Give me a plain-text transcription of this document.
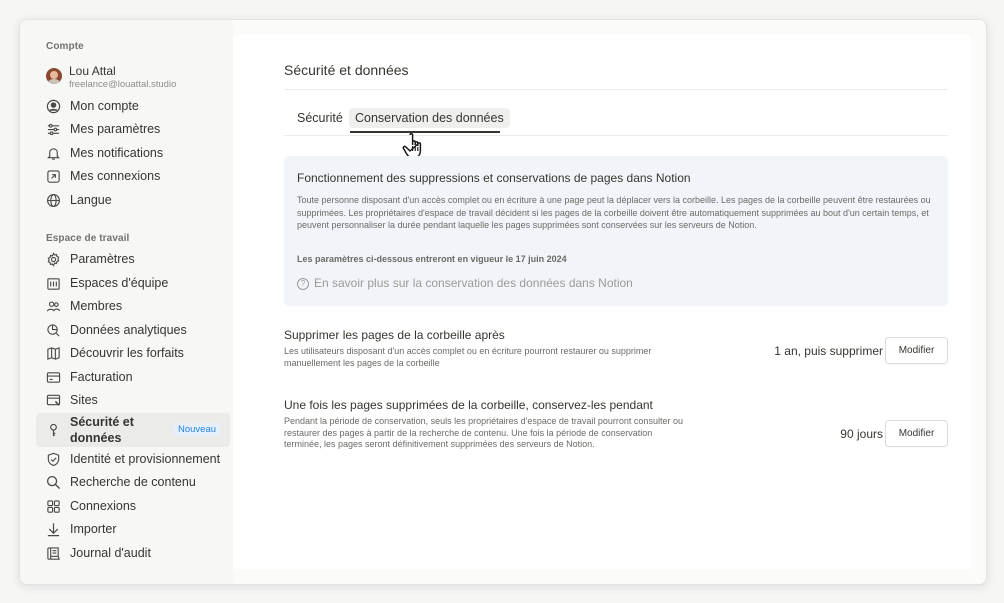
Compte
Lou Attal
freelance@louattal.studio
Mon compte
Mes paramètres
Mes notifications
Mes connexions
Langue
Espace de travail
Paramètres
Espaces d'équipe
Membres
Données analytiques
Découvrir les forfaits
Facturation
Sites
Sécurité et données
Nouveau
Identité et provisionnement
Recherche de contenu
Connexions
Importer
Journal d'audit
Sécurité et données
Sécurité Conservation des données
Fonctionnement des suppressions et conservations de pages dans Notion
Toute personne disposant d'un accès complet ou en écriture à une page peut la déplacer vers la corbeille. Les pages de la corbeille peuvent être restaurées ou supprimées. Les propriétaires d'espace de travail décident si les pages de la corbeille doivent être automatiquement supprimées au bout d'un certain temps, et peuvent personnaliser la durée pendant laquelle les pages supprimées sont conservées sur les serveurs de Notion.
Les paramètres ci-dessous entreront en vigueur le 17 juin 2024
? En savoir plus sur la conservation des données dans Notion
Supprimer les pages de la corbeille après
Les utilisateurs disposant d'un accès complet ou en écriture pourront restaurer ou supprimer manuellement les pages de la corbeille
1 an, puis supprimer	Modifier
Une fois les pages supprimées de la corbeille, conservez-les pendant
Pendant la période de conservation, seuls les propriétaires d'espace de travail pourront consulter ou restaurer des pages à partir de la recherche de contenu. Une fois la période de conservation terminée, les pages seront définitivement supprimées des serveurs de Notion.
90 jours	Modifier
